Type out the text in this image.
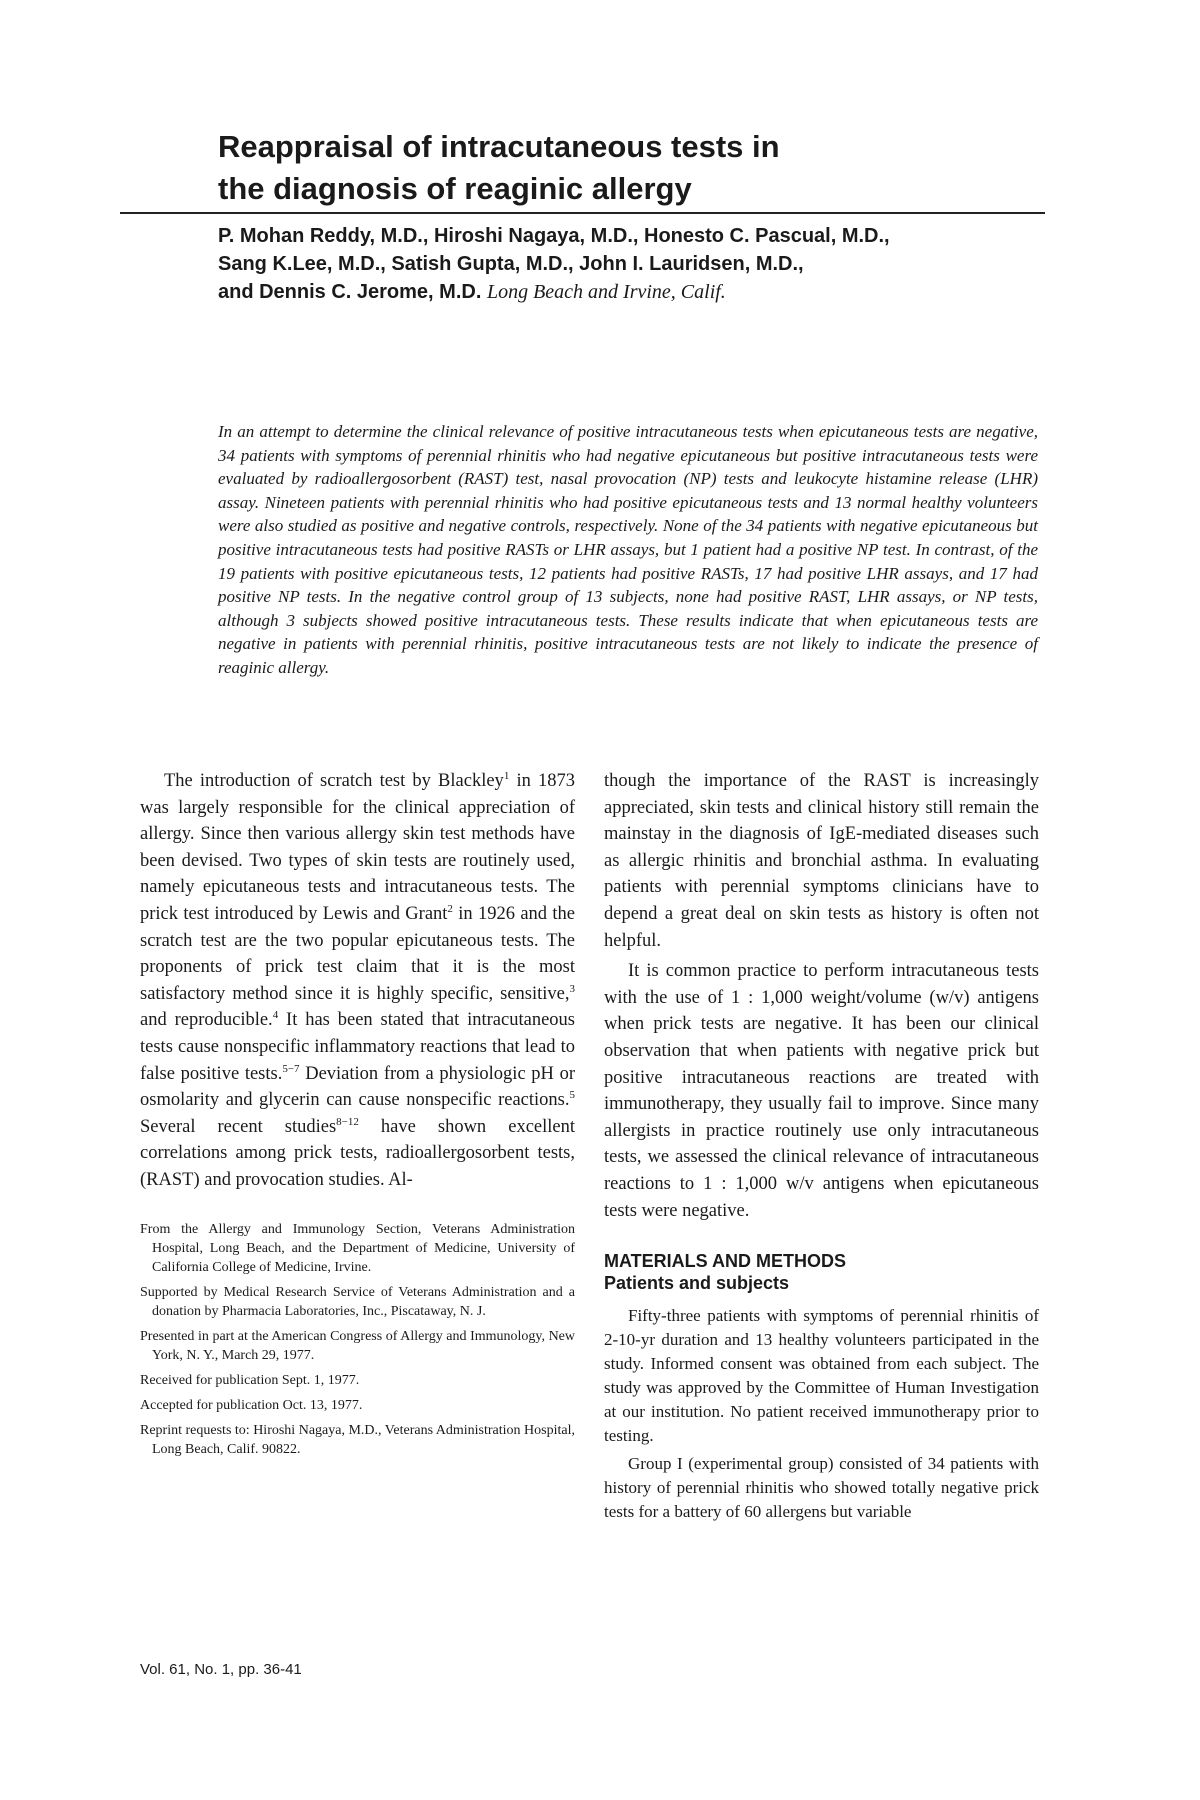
Reappraisal of intracutaneous tests in
the diagnosis of reaginic allergy
P. Mohan Reddy, M.D., Hiroshi Nagaya, M.D., Honesto C. Pascual, M.D.,
Sang K.Lee, M.D., Satish Gupta, M.D., John I. Lauridsen, M.D.,
and Dennis C. Jerome, M.D. Long Beach and Irvine, Calif.

In an attempt to determine the clinical relevance of positive intracutaneous tests when epicutaneous tests are negative, 34 patients with symptoms of perennial rhinitis who had negative epicutaneous but positive intracutaneous tests were evaluated by radioallergosorbent (RAST) test, nasal provocation (NP) tests and leukocyte histamine release (LHR) assay. Nineteen patients with perennial rhinitis who had positive epicutaneous tests and 13 normal healthy volunteers were also studied as positive and negative controls, respectively. None of the 34 patients with negative epicutaneous but positive intracutaneous tests had positive RASTs or LHR assays, but 1 patient had a positive NP test. In contrast, of the 19 patients with positive epicutaneous tests, 12 patients had positive RASTs, 17 had positive LHR assays, and 17 had positive NP tests. In the negative control group of 13 subjects, none had positive RAST, LHR assays, or NP tests, although 3 subjects showed positive intracutaneous tests. These results indicate that when epicutaneous tests are negative in patients with perennial rhinitis, positive intracutaneous tests are not likely to indicate the presence of reaginic allergy.

The introduction of scratch test by Blackley$^1$ in 1873 was largely responsible for the clinical appreciation of allergy. Since then various allergy skin test methods have been devised. Two types of skin tests are routinely used, namely epicutaneous tests and intracutaneous tests. The prick test introduced by Lewis and Grant$^2$ in 1926 and the scratch test are the two popular epicutaneous tests. The proponents of prick test claim that it is the most satisfactory method since it is highly specific, sensitive,$^3$ and reproducible.$^4$ It has been stated that intracutaneous tests cause nonspecific inflammatory reactions that lead to false positive tests.$^{5-7}$ Deviation from a physiologic pH or osmolarity and glycerin can cause nonspecific reactions.$^5$ Several recent studies$^{8-12}$ have shown excellent correlations among prick tests, radioallergosorbent tests, (RAST) and provocation studies. Al-

though the importance of the RAST is increasingly appreciated, skin tests and clinical history still remain the mainstay in the diagnosis of IgE-mediated diseases such as allergic rhinitis and bronchial asthma. In evaluating patients with perennial symptoms clinicians have to depend a great deal on skin tests as history is often not helpful.

It is common practice to perform intracutaneous tests with the use of 1 : 1,000 weight/volume (w/v) antigens when prick tests are negative. It has been our clinical observation that when patients with negative prick but positive intracutaneous reactions are treated with immunotherapy, they usually fail to improve. Since many allergists in practice routinely use only intracutaneous tests, we assessed the clinical relevance of intracutaneous reactions to 1 : 1,000 w/v antigens when epicutaneous tests were negative.

MATERIALS AND METHODS
Patients and subjects

Fifty-three patients with symptoms of perennial rhinitis of 2-10-yr duration and 13 healthy volunteers participated in the study. Informed consent was obtained from each subject. The study was approved by the Committee of Human Investigation at our institution. No patient received immunotherapy prior to testing.

Group I (experimental group) consisted of 34 patients with history of perennial rhinitis who showed totally negative prick tests for a battery of 60 allergens but variable

From the Allergy and Immunology Section, Veterans Administration Hospital, Long Beach, and the Department of Medicine, University of California College of Medicine, Irvine.

Supported by Medical Research Service of Veterans Administration and a donation by Pharmacia Laboratories, Inc., Piscataway, N. J.

Presented in part at the American Congress of Allergy and Immunology, New York, N. Y., March 29, 1977.

Received for publication Sept. 1, 1977.

Accepted for publication Oct. 13, 1977.

Reprint requests to: Hiroshi Nagaya, M.D., Veterans Administration Hospital, Long Beach, Calif. 90822.

Vol. 61, No. 1, pp. 36-41
